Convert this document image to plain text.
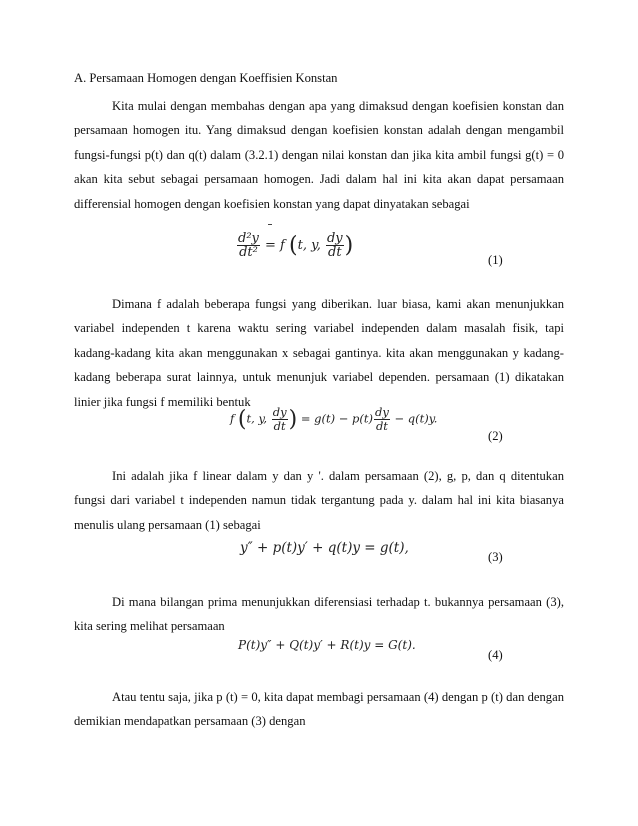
A. Persamaan Homogen dengan Koeffisien Konstan
Kita mulai dengan membahas dengan apa yang dimaksud dengan koefisien konstan dan persamaan homogen itu. Yang dimaksud dengan koefisien konstan adalah dengan mengambil fungsi-fungsi p(t) dan q(t) dalam (3.2.1) dengan nilai konstan dan jika kita ambil fungsi g(t) = 0 akan kita sebut sebagai persamaan homogen. Jadi dalam hal ini kita akan dapat persamaan differensial homogen dengan koefisien konstan yang dapat dinyatakan sebagai
$\frac{\text{d²y}}{\text{dt²}} = f$ (t, y, $\frac{dy}{dt}$ )
(1)
Dimana f adalah beberapa fungsi yang diberikan. luar biasa, kami akan menunjukkan variabel independen t karena waktu sering variabel independen dalam masalah fisik, tapi kadang-kadang kita akan menggunakan x sebagai gantinya. kita akan menggunakan y kadang-kadang beberapa surat lainnya, untuk menunjuk variabel dependen. persamaan (1) dikatakan linier jika fungsi f memiliki bentuk
f (t, y, $\frac{dy}{dt}$ ) = $g(t) - p(t) \frac{dy}{dt} - q(t)y$.
(2)
Ini adalah jika f linear dalam y dan y '. dalam persamaan (2), g, p, dan q ditentukan fungsi dari variabel t independen namun tidak tergantung pada y. dalam hal ini kita biasanya menulis ulang persamaan (1) sebagai
y″ + p(t)y′ + q(t)y = g(t),
(3)
Di mana bilangan prima menunjukkan diferensiasi terhadap t. bukannya persamaan (3), kita sering melihat persamaan
P(t)y″ + Q(t)y′ + R(t)y = G(t).
(4)
Atau tentu saja, jika p (t) = 0, kita dapat membagi persamaan (4) dengan p (t) dan dengan demikian mendapatkan persamaan (3) dengan
